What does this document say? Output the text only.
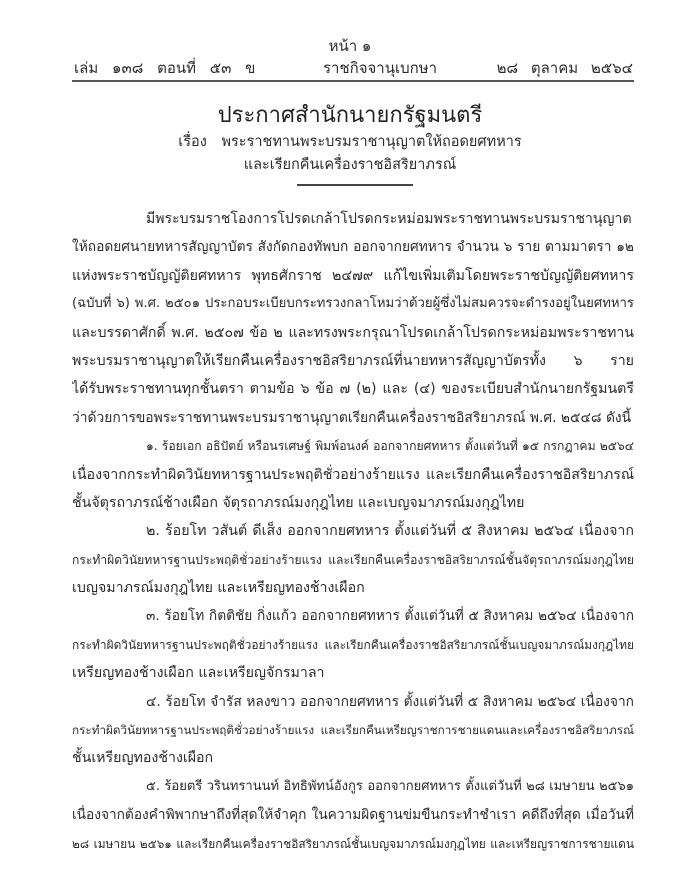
หน้า ๑
เล่ม ๑๓๘ ตอนที่ ๕๓ ข	ราชกิจจานุเบกษา	๒๘ ตุลาคม ๒๕๖๔
ประกาศสำนักนายกรัฐมนตรี
เรื่อง พระราชทานพระบรมราชานุญาตให้ถอดยศทหาร
และเรียกคืนเครื่องราชอิสริยาภรณ์
มีพระบรมราชโองการโปรดเกล้าโปรดกระหม่อมพระราชทานพระบรมราชานุญาต
ให้ถอดยศนายทหารสัญญาบัตร สังกัดกองทัพบก ออกจากยศทหาร จำนวน ๖ ราย ตามมาตรา ๑๒
แห่งพระราชบัญญัติยศทหาร พุทธศักราช ๒๔๗๙ แก้ไขเพิ่มเติมโดยพระราชบัญญัติยศทหาร
(ฉบับที่ ๖) พ.ศ. ๒๕๐๑ ประกอบระเบียบกระทรวงกลาโหมว่าด้วยผู้ซึ่งไม่สมควรจะดำรงอยู่ในยศทหาร
และบรรดาศักดิ์ พ.ศ. ๒๕๐๗ ข้อ ๒ และทรงพระกรุณาโปรดเกล้าโปรดกระหม่อมพระราชทาน
พระบรมราชานุญาตให้เรียกคืนเครื่องราชอิสริยาภรณ์ที่นายทหารสัญญาบัตรทั้ง ๖ ราย
ได้รับพระราชทานทุกชั้นตรา ตามข้อ ๖ ข้อ ๗ (๒) และ (๔) ของระเบียบสำนักนายกรัฐมนตรี
ว่าด้วยการขอพระราชทานพระบรมราชานุญาตเรียกคืนเครื่องราชอิสริยาภรณ์ พ.ศ. ๒๕๔๘ ดังนี้
๑. ร้อยเอก อธิปัตย์ หรือนรเศษฐ์ พิมพ์อนงค์ ออกจากยศทหาร ตั้งแต่วันที่ ๑๕ กรกฎาคม ๒๕๖๔
เนื่องจากกระทำผิดวินัยทหารฐานประพฤติชั่วอย่างร้ายแรง และเรียกคืนเครื่องราชอิสริยาภรณ์
ชั้นจัตุรถาภรณ์ช้างเผือก จัตุรถาภรณ์มงกุฎไทย และเบญจมาภรณ์มงกุฎไทย
๒. ร้อยโท วสันต์ ดีเส็ง ออกจากยศทหาร ตั้งแต่วันที่ ๕ สิงหาคม ๒๕๖๔ เนื่องจาก
กระทำผิดวินัยทหารฐานประพฤติชั่วอย่างร้ายแรง และเรียกคืนเครื่องราชอิสริยาภรณ์ชั้นจัตุรถาภรณ์มงกุฎไทย
เบญจมาภรณ์มงกุฎไทย และเหรียญทองช้างเผือก
๓. ร้อยโท กิตติชัย กิ่งแก้ว ออกจากยศทหาร ตั้งแต่วันที่ ๕ สิงหาคม ๒๕๖๔ เนื่องจาก
กระทำผิดวินัยทหารฐานประพฤติชั่วอย่างร้ายแรง และเรียกคืนเครื่องราชอิสริยาภรณ์ชั้นเบญจมาภรณ์มงกุฎไทย
เหรียญทองช้างเผือก และเหรียญจักรมาลา
๔. ร้อยโท จำรัส หลงขาว ออกจากยศทหาร ตั้งแต่วันที่ ๕ สิงหาคม ๒๕๖๔ เนื่องจาก
กระทำผิดวินัยทหารฐานประพฤติชั่วอย่างร้ายแรง และเรียกคืนเหรียญราชการชายแดนและเครื่องราชอิสริยาภรณ์
ชั้นเหรียญทองช้างเผือก
๕. ร้อยตรี วรินทรานนท์ อิทธิพัทน์อังกูร ออกจากยศทหาร ตั้งแต่วันที่ ๒๘ เมษายน ๒๕๖๑
เนื่องจากต้องคำพิพากษาถึงที่สุดให้จำคุก ในความผิดฐานข่มขืนกระทำชำเรา คดีถึงที่สุด เมื่อวันที่
๒๘ เมษายน ๒๕๖๑ และเรียกคืนเครื่องราชอิสริยาภรณ์ชั้นเบญจมาภรณ์มงกุฎไทย และเหรียญราชการชายแดน
